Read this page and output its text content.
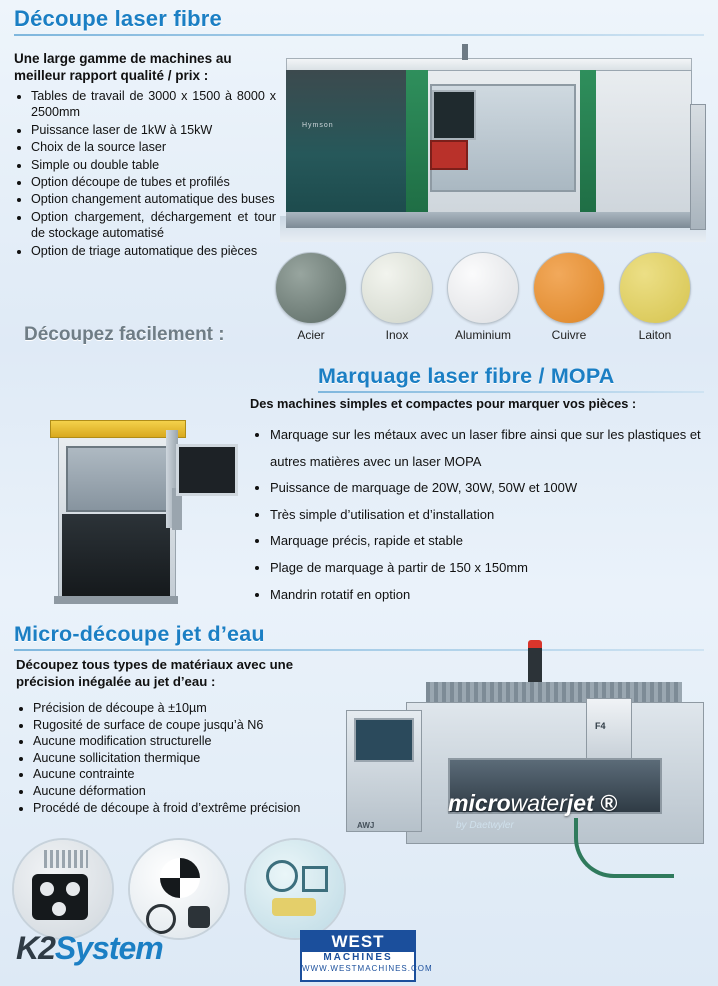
Découpe laser fibre
Une large gamme de machines au meilleur rapport qualité / prix :
• Tables de travail de 3000 x 1500 à 8000 x 2500mm
• Puissance laser de 1kW à 15kW
• Choix de la source laser
• Simple ou double table
• Option découpe de tubes et profilés
• Option changement automatique des buses
• Option chargement, déchargement et tour de stockage automatisé
• Option de triage automatique des pièces
Hymson
Acier	Inox	Aluminium	Cuivre	Laiton
Découpez facilement :
Marquage laser fibre / MOPA
Des machines simples et compactes pour marquer vos pièces :
• Marquage sur les métaux avec un laser fibre ainsi que sur les plastiques et autres matières avec un laser MOPA
• Puissance de marquage de 20W, 30W, 50W et 100W
• Très simple d’utilisation et d’installation
• Marquage précis, rapide et stable
• Plage de marquage à partir de 150 x 150mm
• Mandrin rotatif en option
Micro-découpe jet d’eau
Découpez tous types de matériaux avec une précision inégalée au jet d’eau :
• Précision de découpe à ±10µm
• Rugosité de surface de coupe jusqu’à N6
• Aucune modification structurelle
• Aucune sollicitation thermique
• Aucune contrainte
• Aucune déformation
• Procédé de découpe à froid d’extrême précision
F4
AWJ
microwaterjet ®
by Daetwyler
K2System	WEST
MACHINES
WWW.WESTMACHINES.COM
